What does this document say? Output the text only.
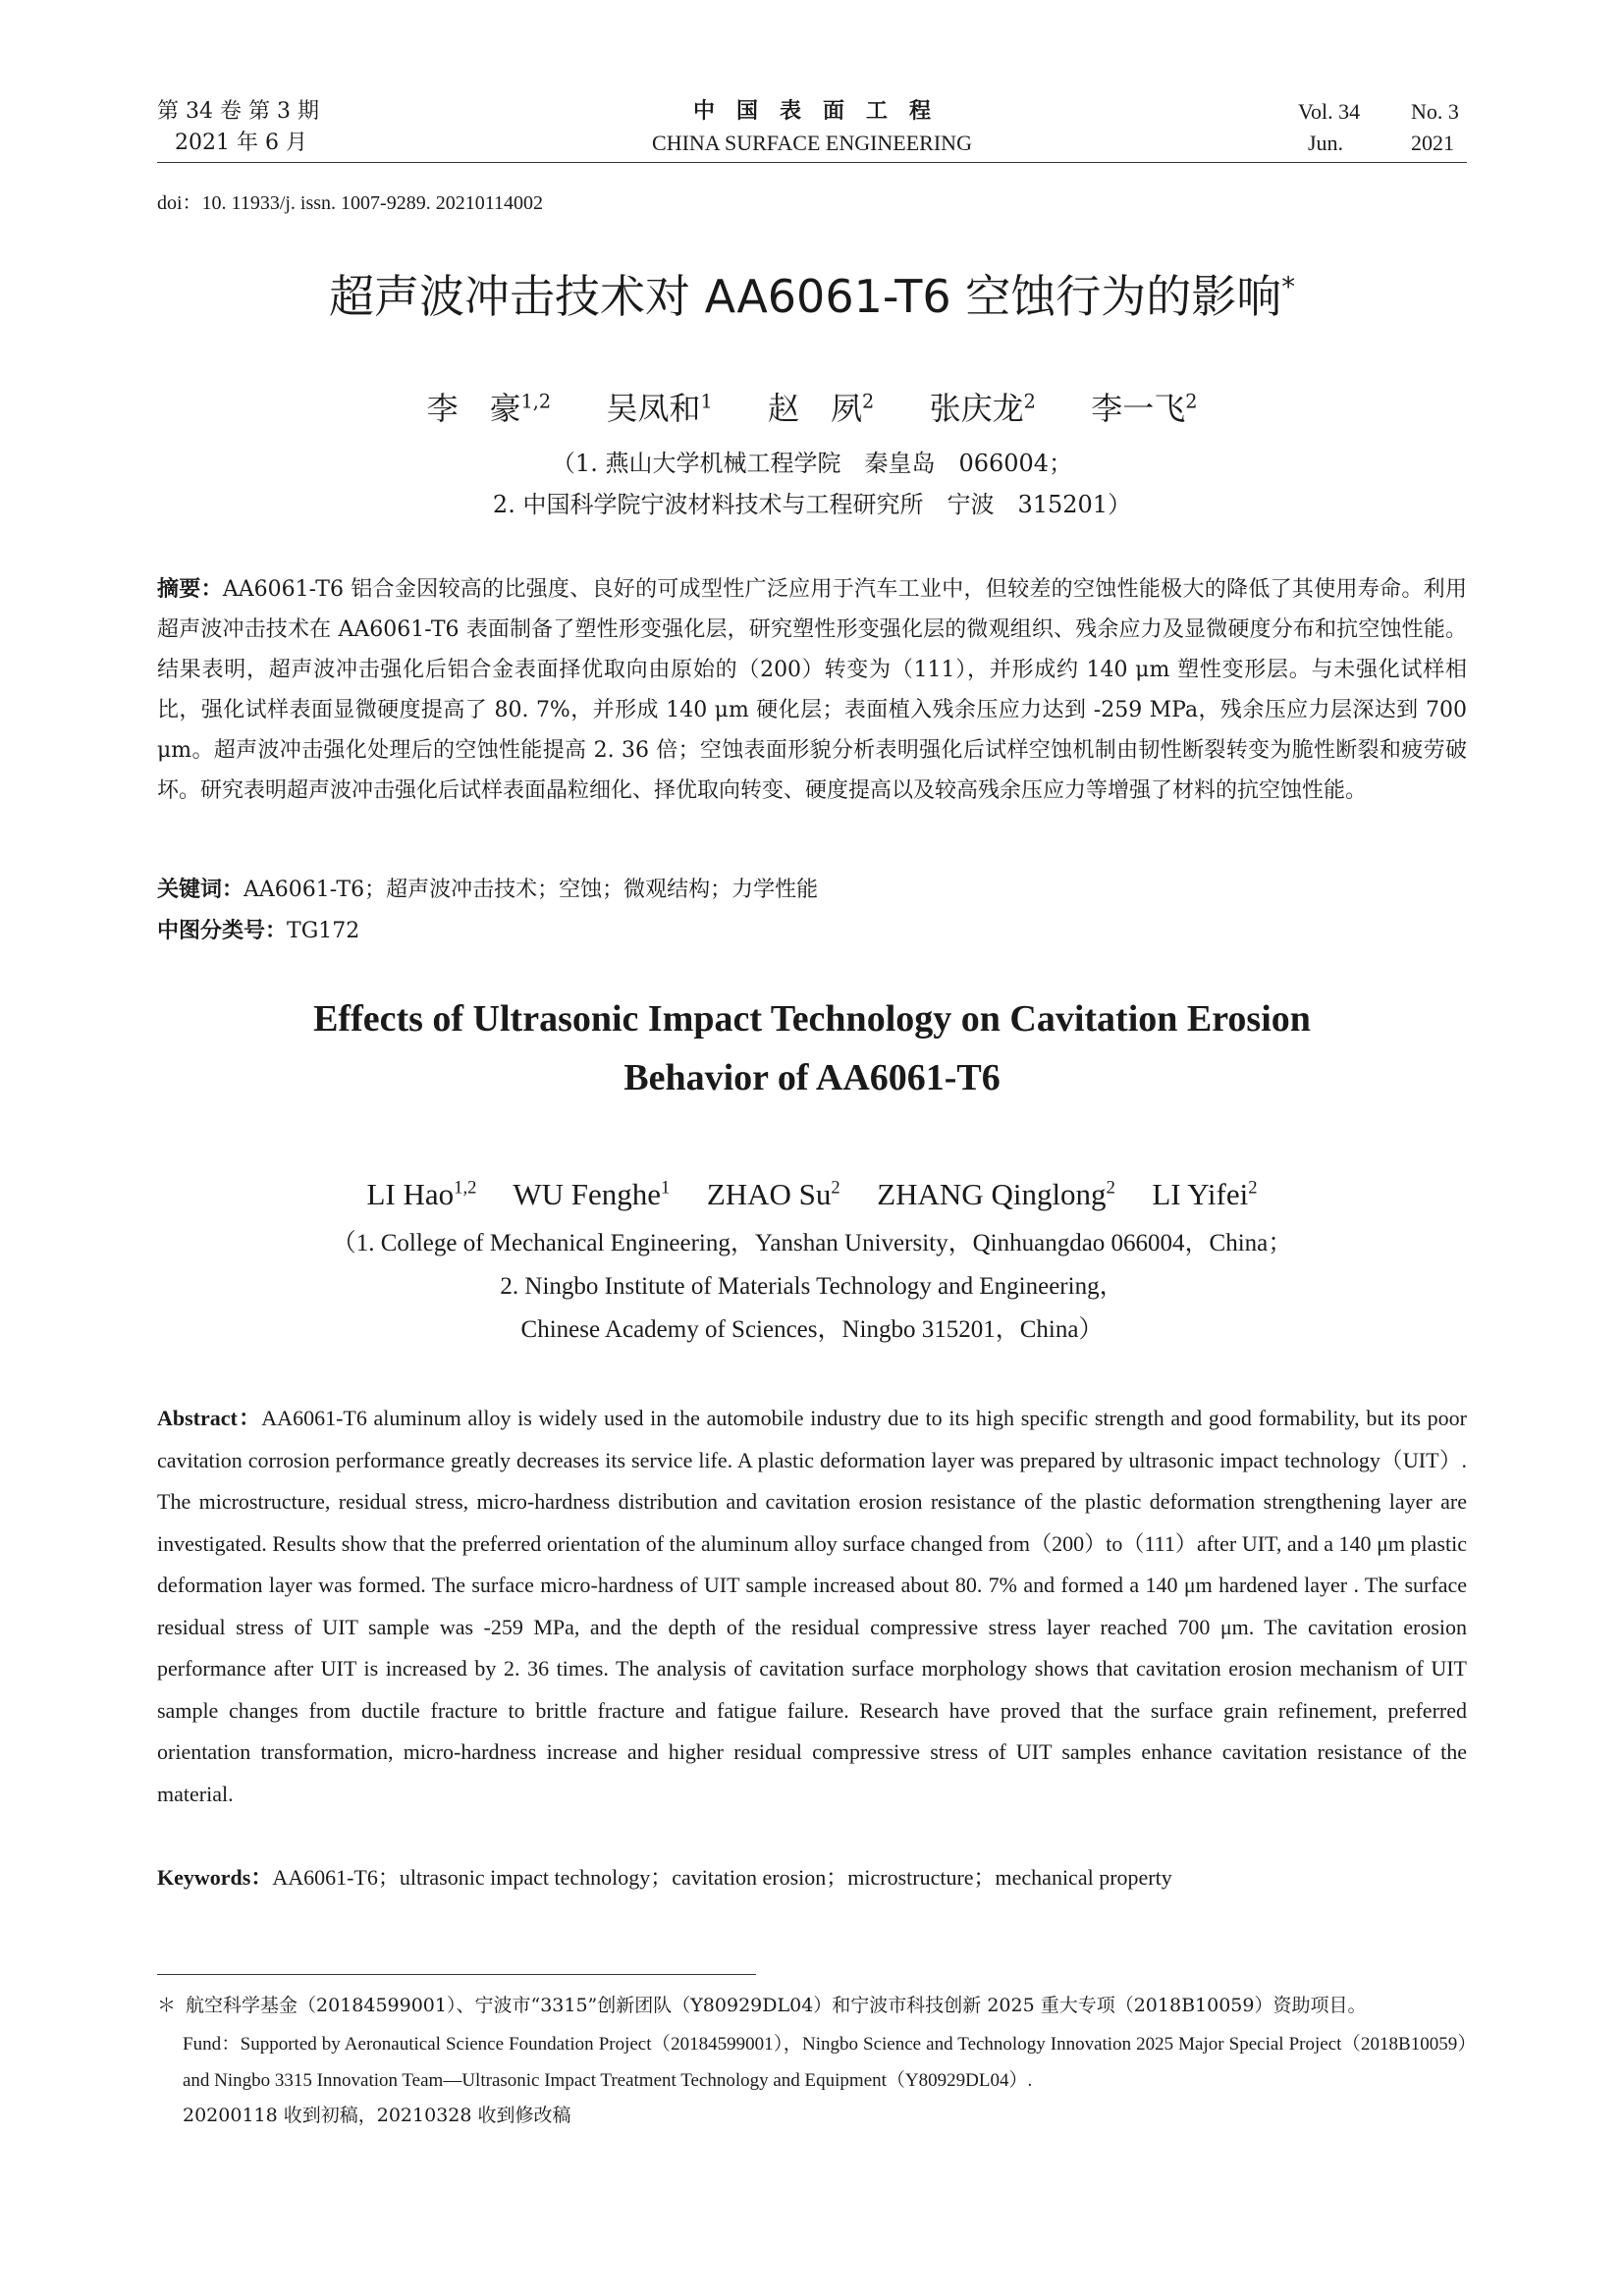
第 34 卷 第 3 期
2021 年 6 月
中　国　表　面　工　程
CHINA SURFACE ENGINEERING
Vol. 34 No. 3
Jun.	2021
doi：10. 11933/j. issn. 1007-9289. 20210114002
超声波冲击技术对 AA6061-T6 空蚀行为的影响*
李　豪$^{1,2}$ 吴凤和$^1$ 赵　夙$^2$ 张庆龙$^2$ 李一飞$^2$
（1. 燕山大学机械工程学院　秦皇岛　066004；
2. 中国科学院宁波材料技术与工程研究所　宁波　315201）
摘要：AA6061-T6 铝合金因较高的比强度、良好的可成型性广泛应用于汽车工业中，但较差的空蚀性能极大的降低了其使用寿命。利用超声波冲击技术在 AA6061-T6 表面制备了塑性形变强化层，研究塑性形变强化层的微观组织、残余应力及显微硬度分布和抗空蚀性能。结果表明，超声波冲击强化后铝合金表面择优取向由原始的（200）转变为（111），并形成约 140 μm 塑性变形层。与未强化试样相比，强化试样表面显微硬度提高了 80. 7%，并形成 140 μm 硬化层；表面植入残余压应力达到 -259 MPa，残余压应力层深达到 700 μm。超声波冲击强化处理后的空蚀性能提高 2. 36 倍；空蚀表面形貌分析表明强化后试样空蚀机制由韧性断裂转变为脆性断裂和疲劳破坏。研究表明超声波冲击强化后试样表面晶粒细化、择优取向转变、硬度提高以及较高残余压应力等增强了材料的抗空蚀性能。
关键词：AA6061-T6；超声波冲击技术；空蚀；微观结构；力学性能
中图分类号：TG172
Effects of Ultrasonic Impact Technology on Cavitation Erosion
Behavior of AA6061-T6
LI Hao$^{1,2}$ WU Fenghe$^1$ ZHAO Su$^2$ ZHANG Qinglong$^2$ LI Yifei$^2$
（1. College of Mechanical Engineering，Yanshan University，Qinhuangdao 066004，China；
2. Ningbo Institute of Materials Technology and Engineering，
Chinese Academy of Sciences，Ningbo 315201，China）
Abstract：AA6061-T6 aluminum alloy is widely used in the automobile industry due to its high specific strength and good formability, but its poor cavitation corrosion performance greatly decreases its service life. A plastic deformation layer was prepared by ultrasonic impact technology（UIT）. The microstructure, residual stress, micro-hardness distribution and cavitation erosion resistance of the plastic deformation strengthening layer are investigated. Results show that the preferred orientation of the aluminum alloy surface changed from（200）to（111）after UIT, and a 140 μm plastic deformation layer was formed. The surface micro-hardness of UIT sample increased about 80. 7% and formed a 140 μm hardened layer . The surface residual stress of UIT sample was -259 MPa, and the depth of the residual compressive stress layer reached 700 μm. The cavitation erosion performance after UIT is increased by 2. 36 times. The analysis of cavitation surface morphology shows that cavitation erosion mechanism of UIT sample changes from ductile fracture to brittle fracture and fatigue failure. Research have proved that the surface grain refinement, preferred orientation transformation, micro-hardness increase and higher residual compressive stress of UIT samples enhance cavitation resistance of the material.
Keywords：AA6061-T6；ultrasonic impact technology；cavitation erosion；microstructure；mechanical property
＊ 航空科学基金（20184599001）、宁波市“3315”创新团队（Y80929DL04）和宁波市科技创新 2025 重大专项（2018B10059）资助项目。
Fund：Supported by Aeronautical Science Foundation Project（20184599001），Ningbo Science and Technology Innovation 2025 Major Special Project（2018B10059）and Ningbo 3315 Innovation Team—Ultrasonic Impact Treatment Technology and Equipment（Y80929DL04）.
20200118 收到初稿，20210328 收到修改稿
